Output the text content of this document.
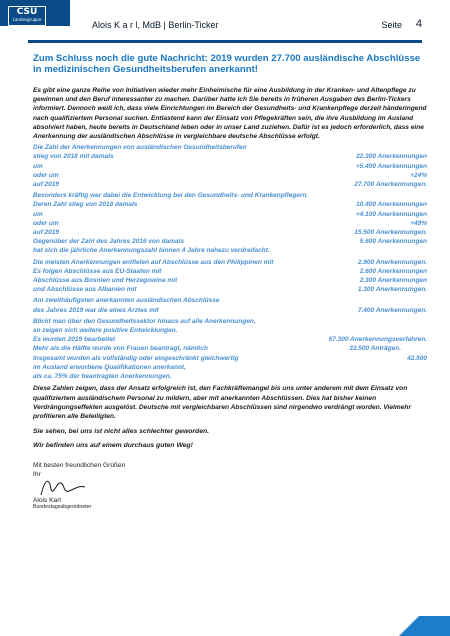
CSU
Landesgruppe
Alois K a r l, MdB | Berlin-Ticker	Seite 4
Zum Schluss noch die gute Nachricht: 2019 wurden 27.700 ausländische Abschlüsse in medizinischen Gesundheitsberufen anerkannt!

Es gibt eine ganze Reihe von Initiativen wieder mehr Einheimische für eine Ausbildung in der Kranken- und Altenpflege zu gewinnen und den Beruf interessanter zu machen. Darüber hatte ich Sie bereits in früheren Ausgaben des Berlin-Tickers informiert. Dennoch weiß ich, dass viele Einrichtungen im Bereich der Gesundheits- und Krankenpflege derzeit händeringend nach qualifiziertem Personal suchen. Entlastend kann der Einsatz von Pflegekräften sein, die ihre Ausbildung im Ausland absolviert haben, heute bereits in Deutschland leben oder in unser Land zuziehen. Dafür ist es jedoch erforderlich, dass eine Anerkennung der ausländischen Abschlüsse in vergleichbare deutsche Abschlüsse erfolgt.

Die Zahl der Anerkennungen von ausländischen Gesundheitsberufen
stieg von 2018 mit damals	22.300 Anerkennungen
um	+5.400 Anerkennungen
oder um	+24%
auf 2019	27.700 Anerkennungen.
Besonders kräftig war dabei die Entwicklung bei den Gesundheits- und Krankenpflegern.
Deren Zahl stieg von 2018 damals	10.400 Anerkennungen
um	+4.100 Anerkennungen
oder um	+49%
auf 2019	15.500 Anerkennungen.
Gegenüber der Zahl des Jahres 2016 von damals	5.600 Anerkennungen
hat sich die jährliche Anerkennungszahl binnen 4 Jahre nahezu verdreifacht.
Die meisten Anerkennungen entfielen auf Abschlüsse aus den Philippinen mit	2.900 Anerkennungen.
Es folgen Abschlüsse aus EU-Staaten mit	2.600 Anerkennungen
Abschlüsse aus Bosnien und Herzegowina mit	2.300 Anerkennungen
und Abschlüsse aus Albanien mit	1.300 Anerkennungen.
Am zweithäufigsten anerkannten ausländischen Abschlüsse
des Jahres 2019 war die eines Arztes mit	7.400 Anerkennungen.
Blickt man über den Gesundheitssektor hinaus auf alle Anerkennungen,
so zeigen sich weitere positive Entwicklungen.
Es wurden 2019 bearbeitet	57.300 Anerkennungsverfahren.
Mehr als die Hälfte wurde von Frauen beantragt, nämlich	33.500 Anträgen.
Insgesamt wurden als vollständig oder eingeschränkt gleichwertig	42.500
im Ausland erworbene Qualifikationen anerkannt,
als ca. 75% der beantragten Anerkennungen.

Diese Zahlen zeigen, dass der Ansatz erfolgreich ist, den Fachkräftemangel bis uns unter anderem mit dem Einsatz von qualifiziertem ausländischem Personal zu mildern, aber mit anerkannten Abschlüssen. Dies hat bisher keinen Verdrängungseffekten ausgelöst. Deutsche mit vergleichbaren Abschlüssen sind nirgendwo verdrängt worden. Vielmehr profitieren alle Beteiligten.

Sie sehen, bei uns ist nicht alles schlechter geworden.
Wir befinden uns auf einem durchaus guten Weg!
Mit besten freundlichen Grüßen
Ihr
Alois Karl
Bundestagsabgeordneter
